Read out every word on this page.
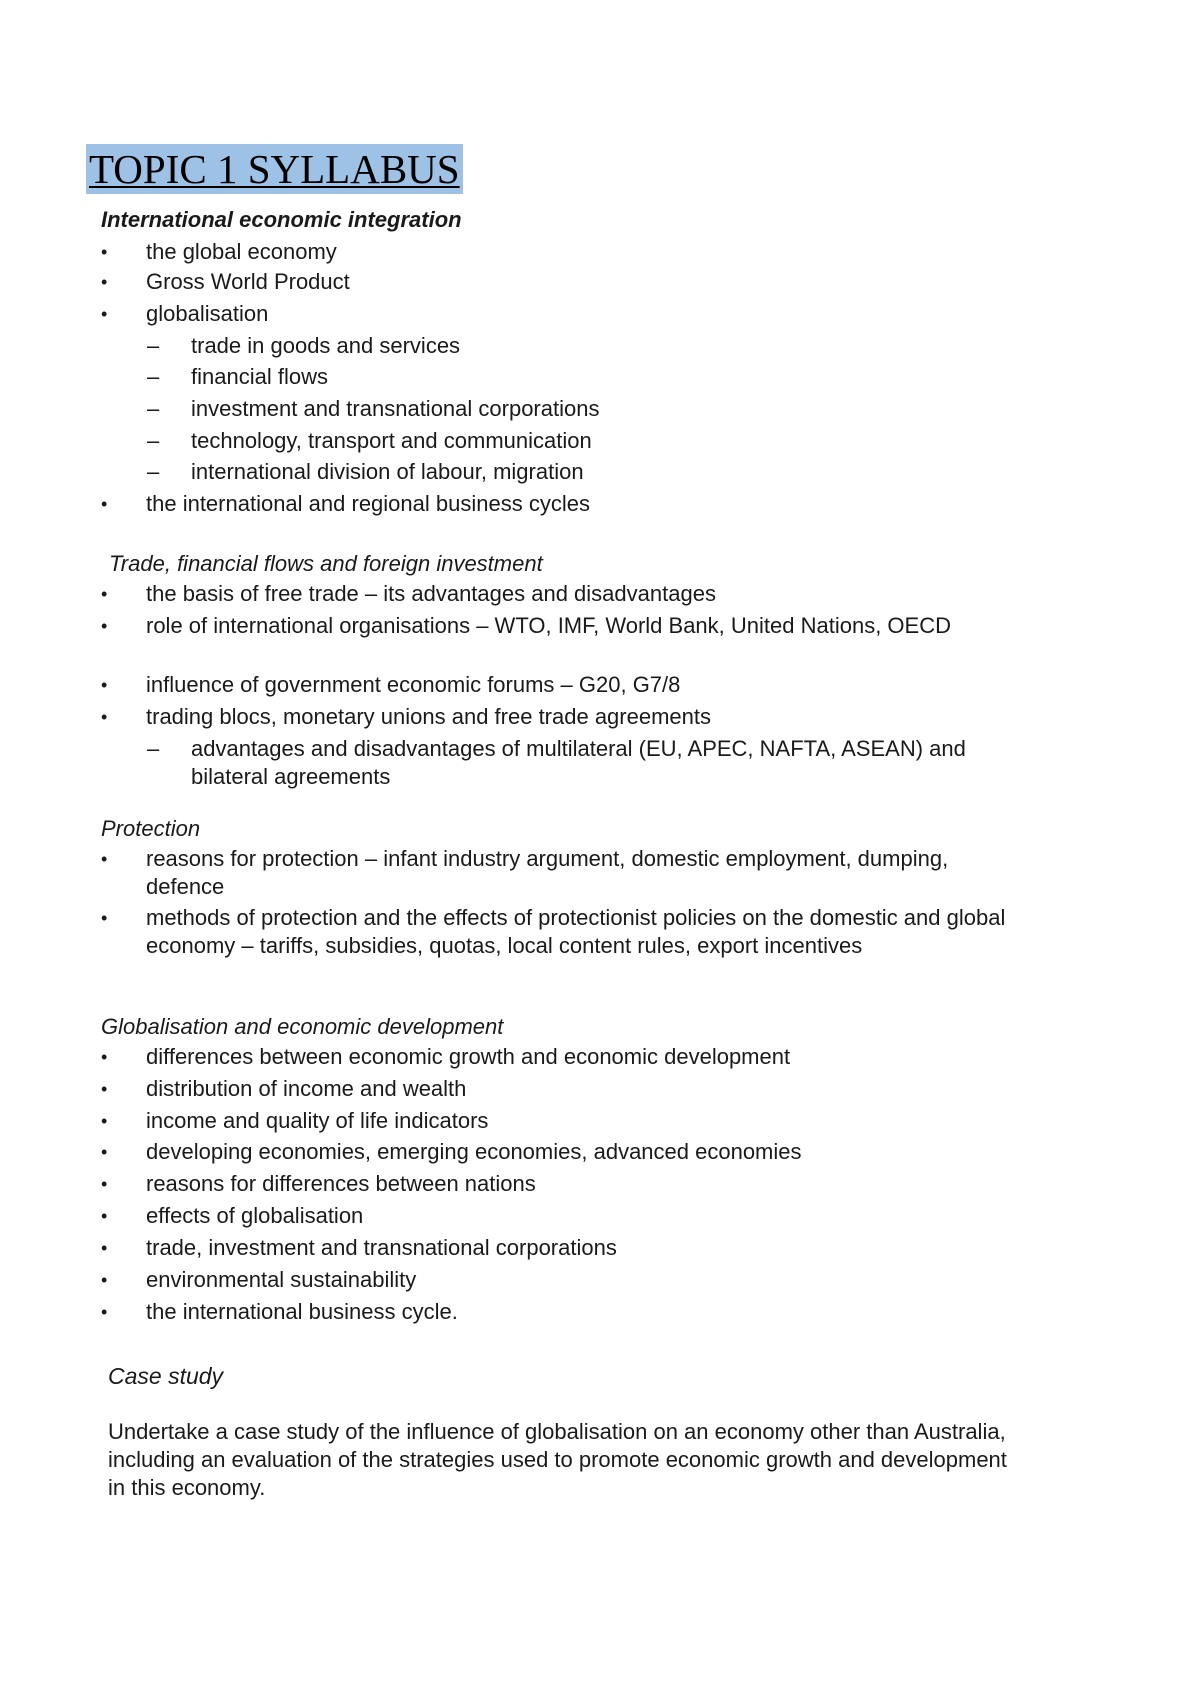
TOPIC 1 SYLLABUS
International economic integration
• the global economy
• Gross World Product
• globalisation
– trade in goods and services
– financial flows
– investment and transnational corporations
– technology, transport and communication
– international division of labour, migration
• the international and regional business cycles
Trade, financial flows and foreign investment
• the basis of free trade – its advantages and disadvantages
• role of international organisations – WTO, IMF, World Bank, United Nations, OECD
• influence of government economic forums – G20, G7/8
• trading blocs, monetary unions and free trade agreements
– advantages and disadvantages of multilateral (EU, APEC, NAFTA, ASEAN) and bilateral agreements
Protection
• reasons for protection – infant industry argument, domestic employment, dumping, defence
• methods of protection and the effects of protectionist policies on the domestic and global economy – tariffs, subsidies, quotas, local content rules, export incentives
Globalisation and economic development
• differences between economic growth and economic development
• distribution of income and wealth
• income and quality of life indicators
• developing economies, emerging economies, advanced economies
• reasons for differences between nations
• effects of globalisation
• trade, investment and transnational corporations
• environmental sustainability
• the international business cycle.
Case study
Undertake a case study of the influence of globalisation on an economy other than Australia, including an evaluation of the strategies used to promote economic growth and development in this economy.
